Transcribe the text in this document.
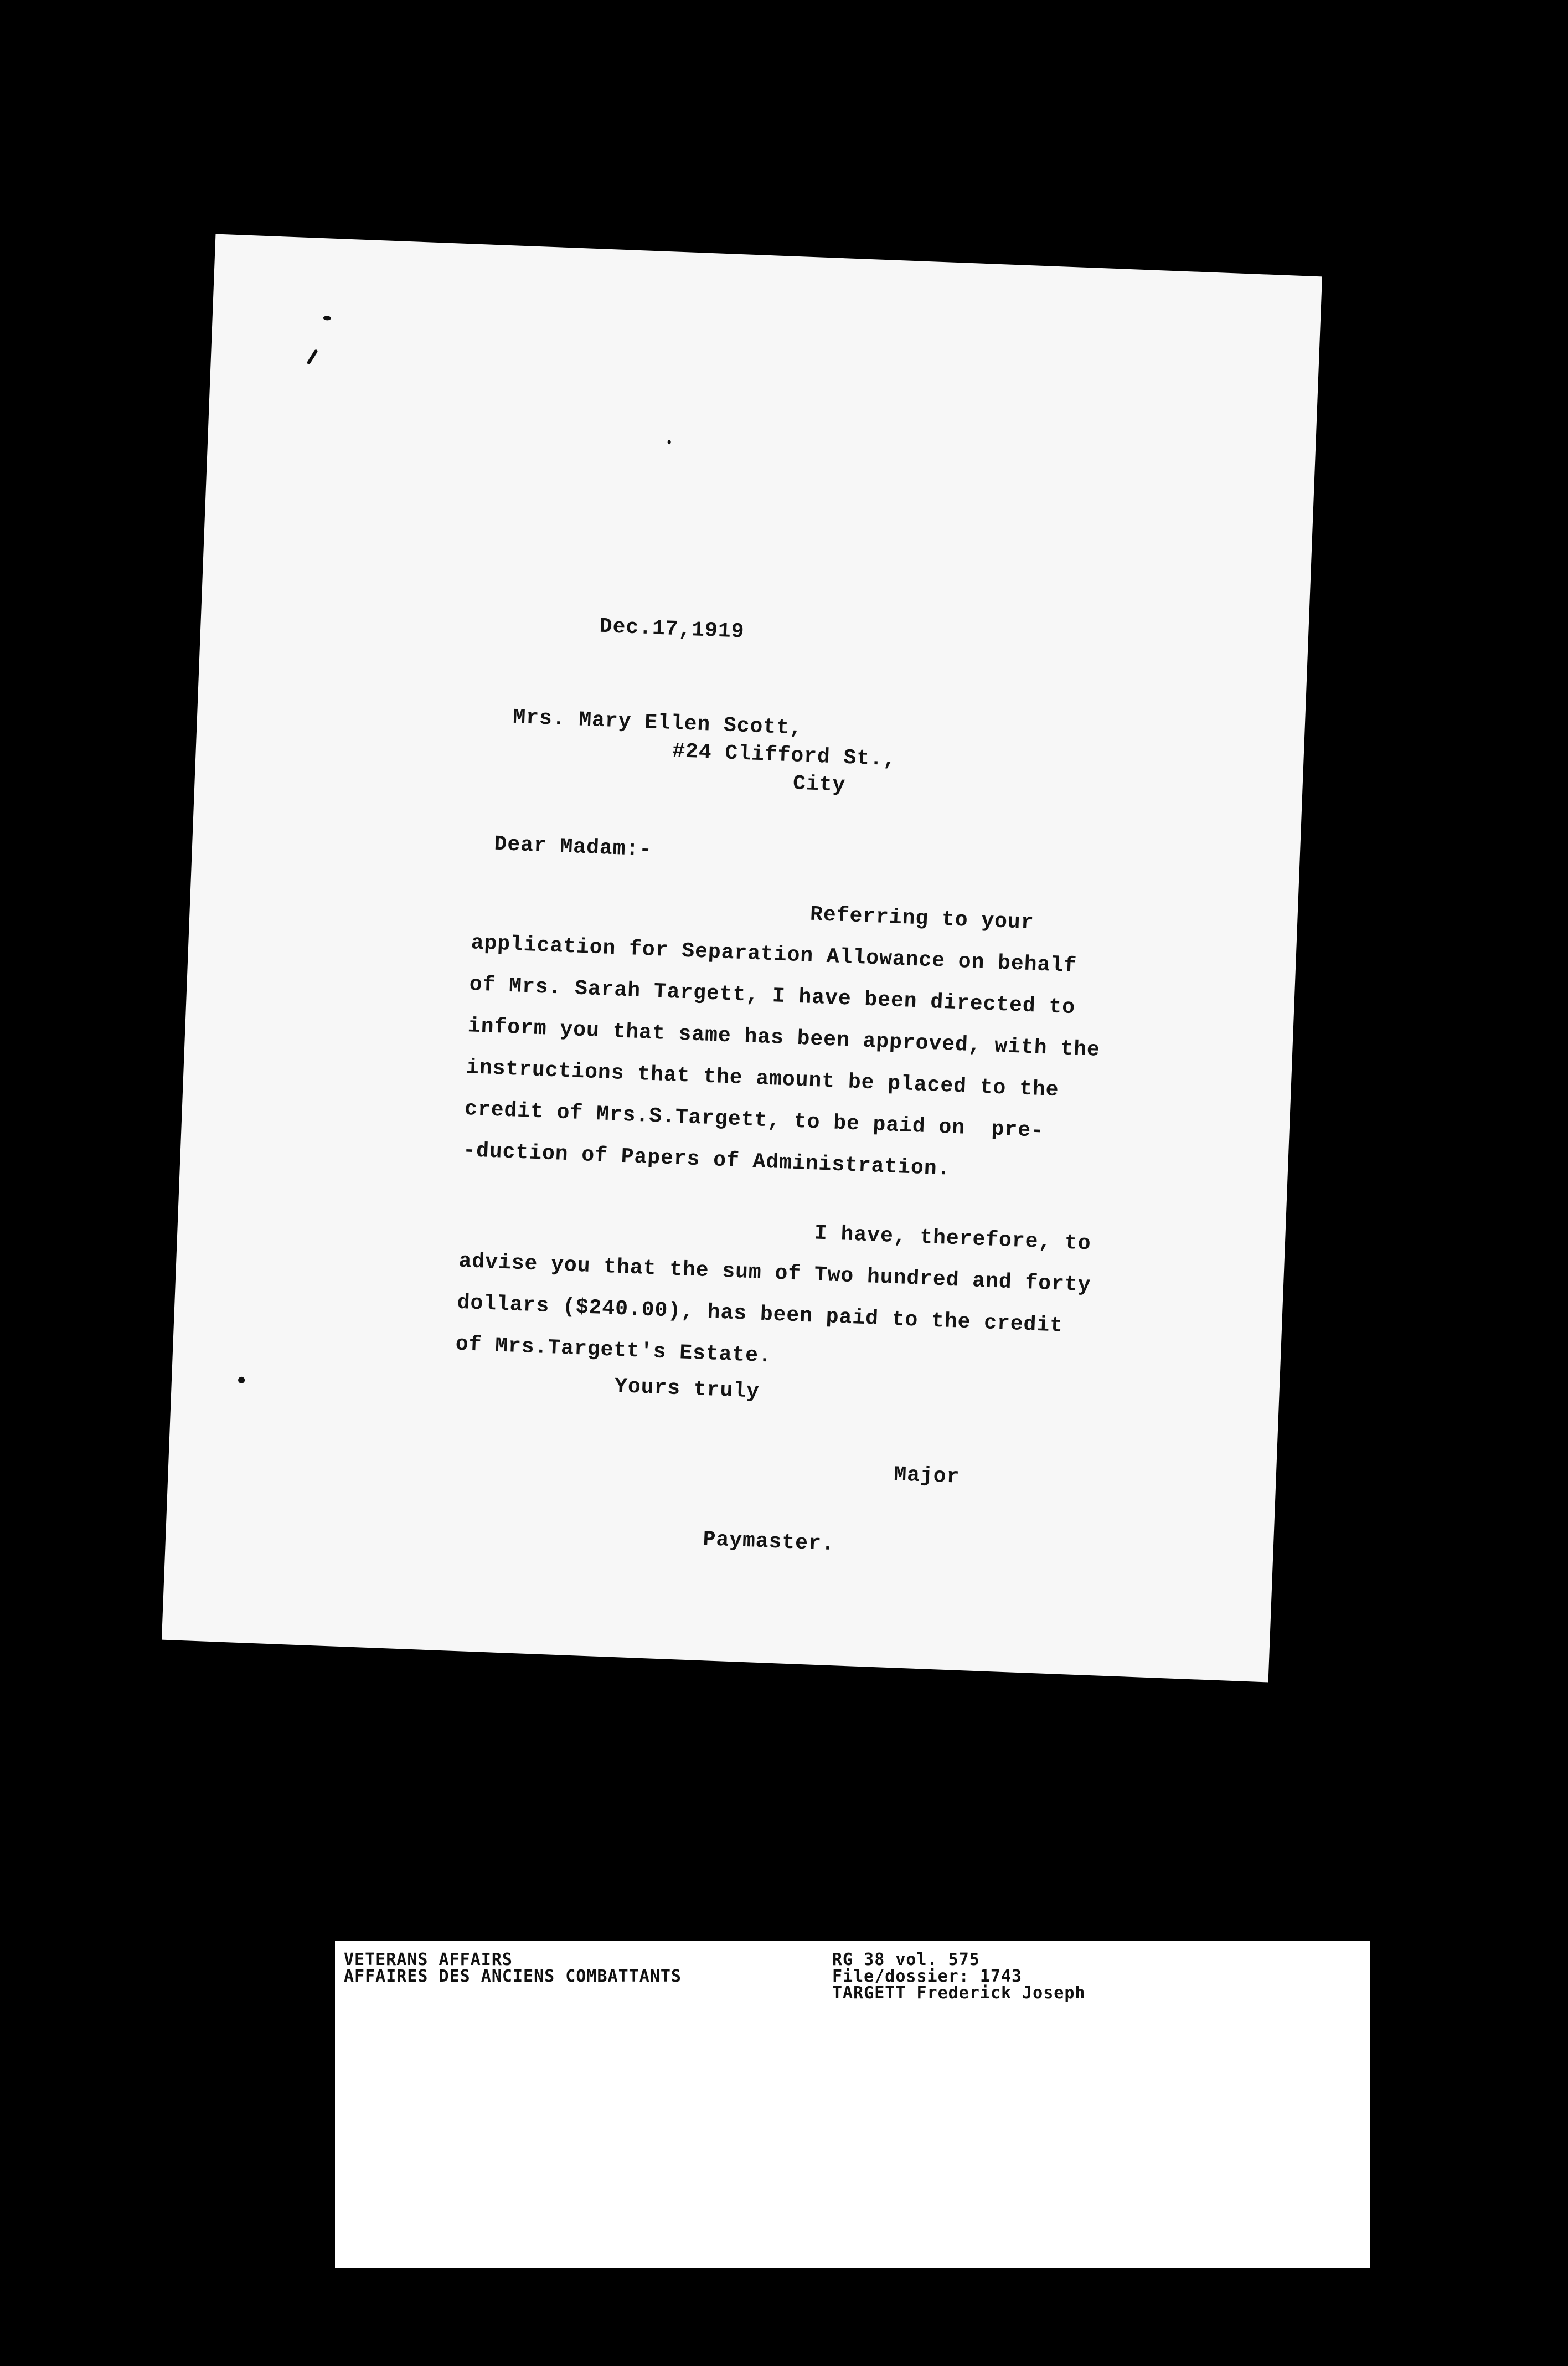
Dec.17,1919
Mrs. Mary Ellen Scott,
#24 Clifford St.,
City
Dear Madam:-
Referring to your
application for Separation Allowance on behalf
of Mrs. Sarah Targett, I have been directed to
inform you that same has been approved, with the
instructions that the amount be placed to the
credit of Mrs.S.Targett, to be paid on  pre-
-duction of Papers of Administration.
I have, therefore, to
advise you that the sum of Two hundred and forty
dollars ($240.00), has been paid to the credit
of Mrs.Targett's Estate.
Yours truly
Major
Paymaster.
VETERANS AFFAIRS
AFFAIRES DES ANCIENS COMBATTANTS
RG 38 vol. 575
File/dossier: 1743
TARGETT Frederick Joseph
